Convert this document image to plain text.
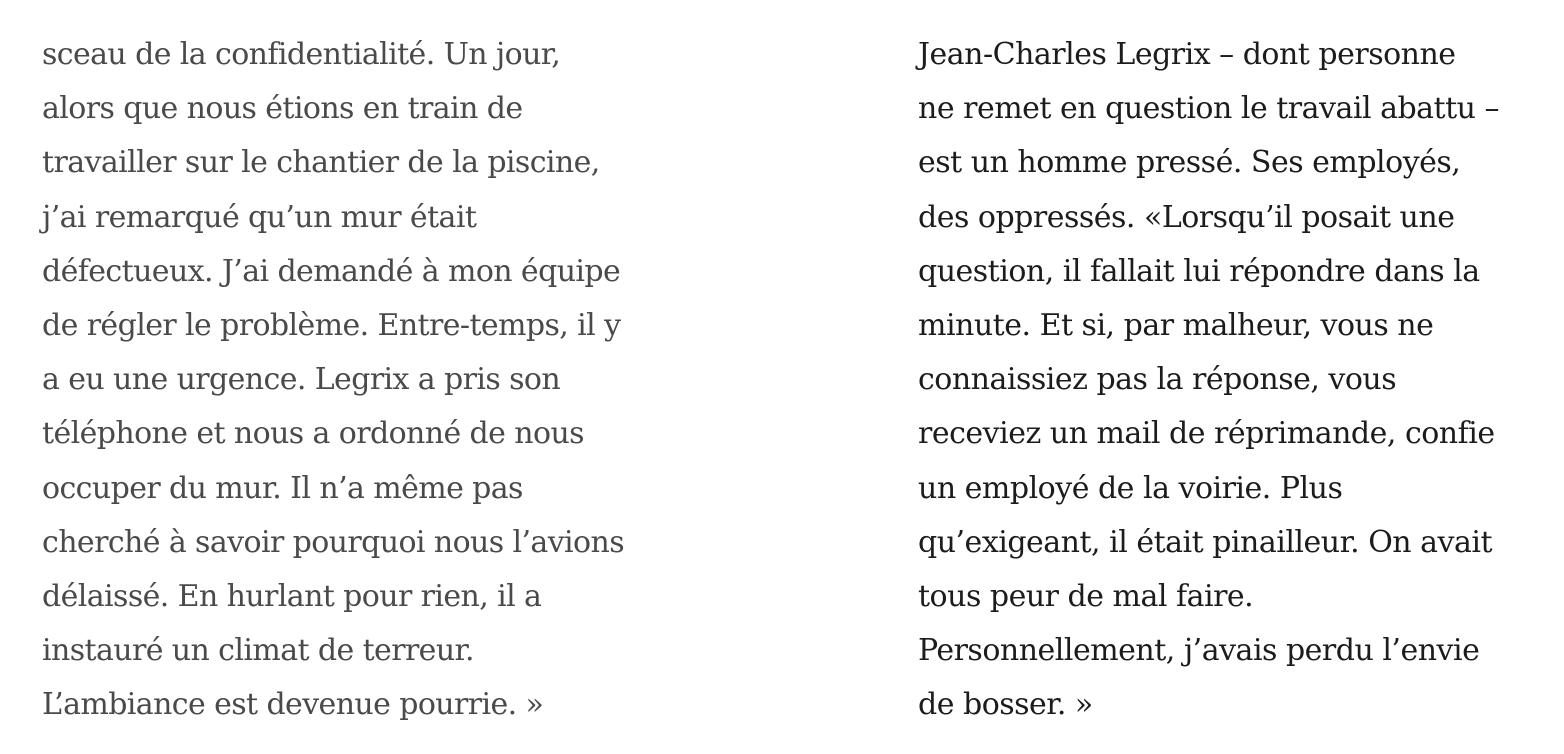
sceau de la confidentialité. Un jour,
alors que nous étions en train de
travailler sur le chantier de la piscine,
j’ai remarqué qu’un mur était
défectueux. J’ai demandé à mon équipe
de régler le problème. Entre-temps, il y
a eu une urgence. Legrix a pris son
téléphone et nous a ordonné de nous
occuper du mur. Il n’a même pas
cherché à savoir pourquoi nous l’avions
délaissé. En hurlant pour rien, il a
instauré un climat de terreur.
L’ambiance est devenue pourrie. »
Jean-Charles Legrix – dont personne
ne remet en question le travail abattu –
est un homme pressé. Ses employés,
des oppressés. «Lorsqu’il posait une
question, il fallait lui répondre dans la
minute. Et si, par malheur, vous ne
connaissiez pas la réponse, vous
receviez un mail de réprimande, confie
un employé de la voirie. Plus
qu’exigeant, il était pinailleur. On avait
tous peur de mal faire.
Personnellement, j’avais perdu l’envie
de bosser. »
